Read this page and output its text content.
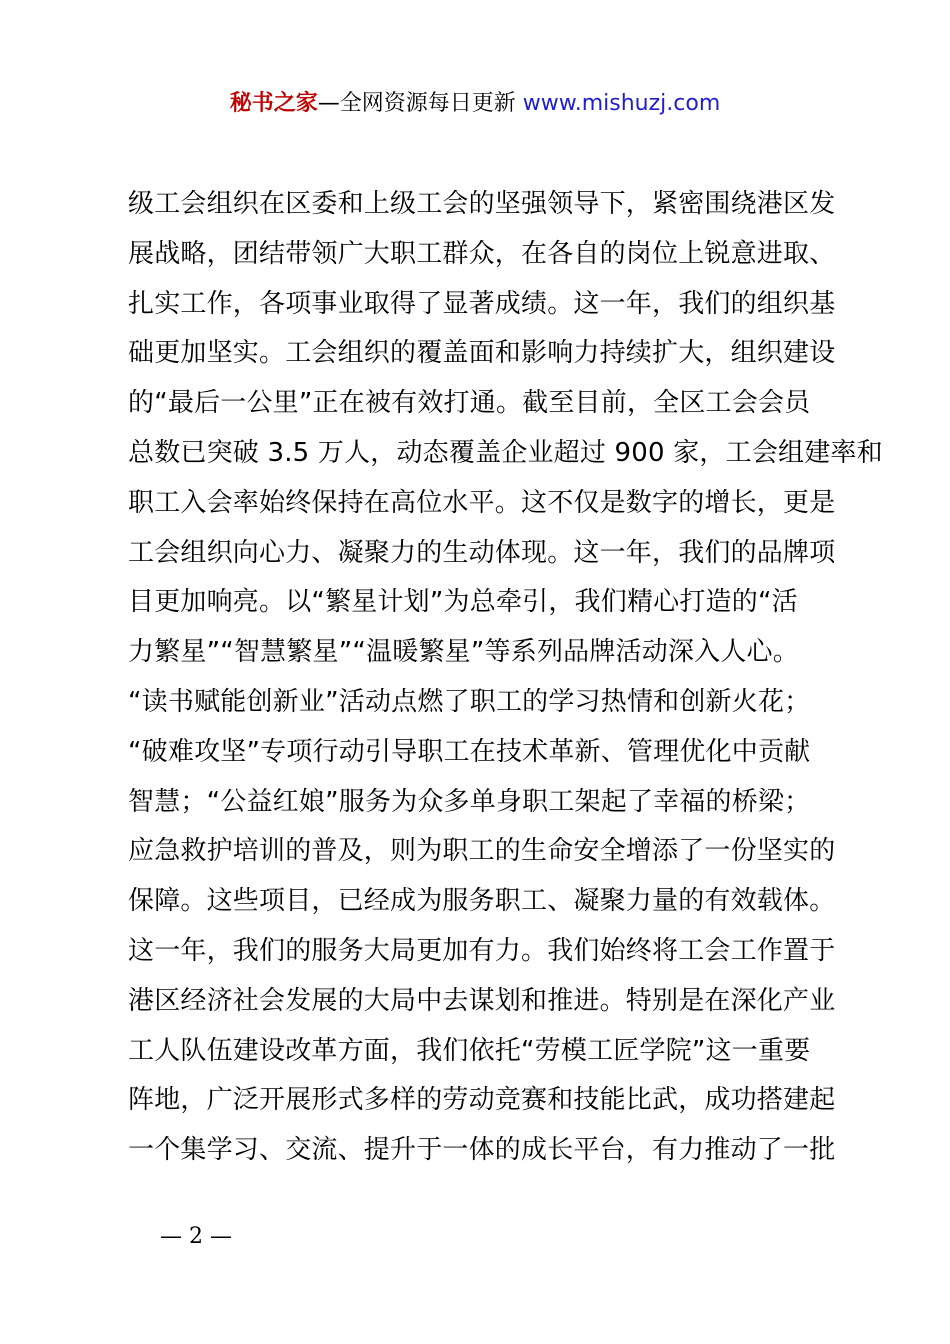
秘书之家—全网资源每日更新 www.mishuzj.com
级工会组织在区委和上级工会的坚强领导下，紧密围绕港区发
展战略，团结带领广大职工群众，在各自的岗位上锐意进取、
扎实工作，各项事业取得了显著成绩。这一年，我们的组织基
础更加坚实。工会组织的覆盖面和影响力持续扩大，组织建设
的“最后一公里”正在被有效打通。截至目前，全区工会会员
总数已突破 3.5 万人，动态覆盖企业超过 900 家，工会组建率和
职工入会率始终保持在高位水平。这不仅是数字的增长，更是
工会组织向心力、凝聚力的生动体现。这一年，我们的品牌项
目更加响亮。以“繁星计划”为总牵引，我们精心打造的“活
力繁星”“智慧繁星”“温暖繁星”等系列品牌活动深入人心。
“读书赋能创新业”活动点燃了职工的学习热情和创新火花；
“破难攻坚”专项行动引导职工在技术革新、管理优化中贡献
智慧；“公益红娘”服务为众多单身职工架起了幸福的桥梁；
应急救护培训的普及，则为职工的生命安全增添了一份坚实的
保障。这些项目，已经成为服务职工、凝聚力量的有效载体。
这一年，我们的服务大局更加有力。我们始终将工会工作置于
港区经济社会发展的大局中去谋划和推进。特别是在深化产业
工人队伍建设改革方面，我们依托“劳模工匠学院”这一重要
阵地，广泛开展形式多样的劳动竞赛和技能比武，成功搭建起
一个集学习、交流、提升于一体的成长平台，有力推动了一批
— 2 —
